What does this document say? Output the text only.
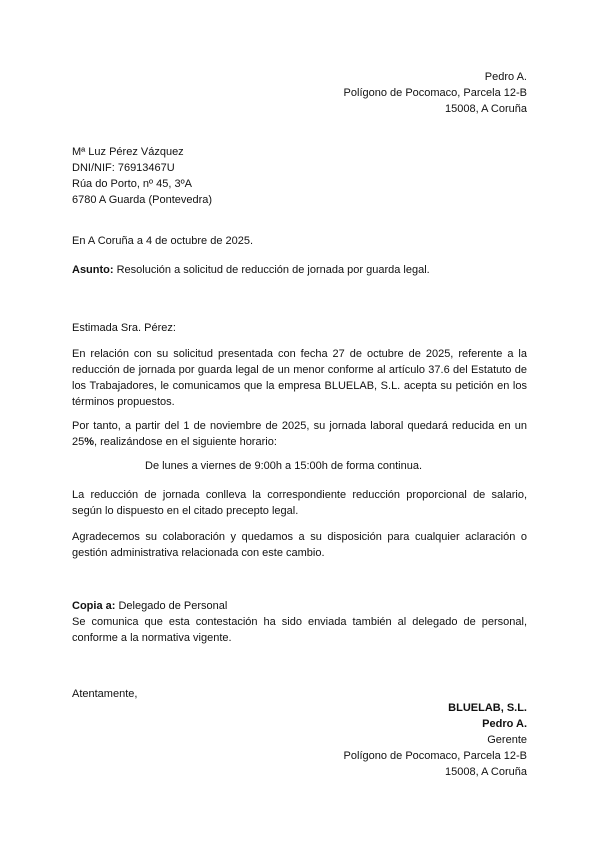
Pedro A.
Polígono de Pocomaco, Parcela 12-B
15008, A Coruña
Mª Luz Pérez Vázquez
DNI/NIF: 76913467U
Rúa do Porto, nº 45, 3ºA
6780 A Guarda (Pontevedra)
En A Coruña a 4 de octubre de 2025.
Asunto: Resolución a solicitud de reducción de jornada por guarda legal.
Estimada Sra. Pérez:
En relación con su solicitud presentada con fecha 27 de octubre de 2025, referente a la reducción de jornada por guarda legal de un menor conforme al artículo 37.6 del Estatuto de los Trabajadores, le comunicamos que la empresa BLUELAB, S.L. acepta su petición en los términos propuestos.
Por tanto, a partir del 1 de noviembre de 2025, su jornada laboral quedará reducida en un 25%, realizándose en el siguiente horario:
De lunes a viernes de 9:00h a 15:00h de forma continua.
La reducción de jornada conlleva la correspondiente reducción proporcional de salario, según lo dispuesto en el citado precepto legal.
Agradecemos su colaboración y quedamos a su disposición para cualquier aclaración o gestión administrativa relacionada con este cambio.
Copia a: Delegado de Personal
Se comunica que esta contestación ha sido enviada también al delegado de personal, conforme a la normativa vigente.
Atentamente,
BLUELAB, S.L.
Pedro A.
Gerente
Polígono de Pocomaco, Parcela 12-B
15008, A Coruña
